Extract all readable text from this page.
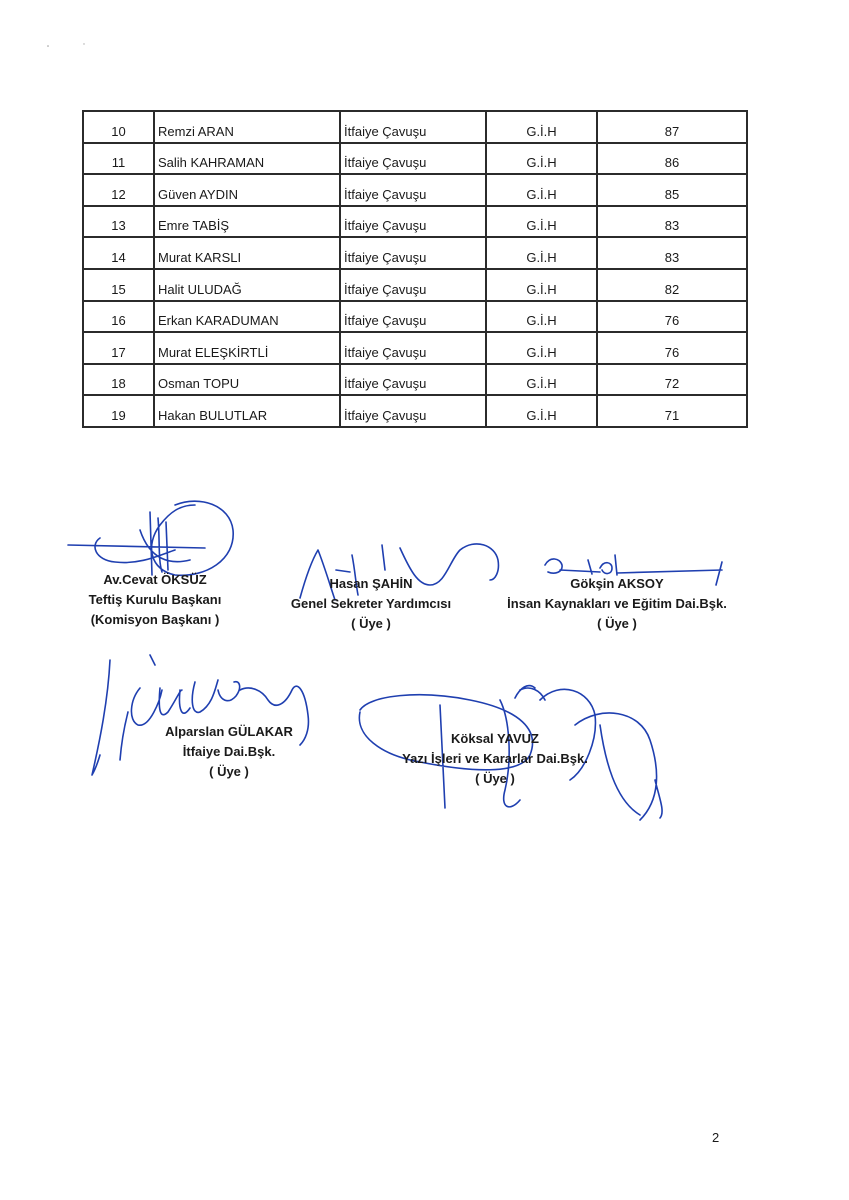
10	Remzi ARAN	İtfaiye Çavuşu	G.İ.H	87
11	Salih KAHRAMAN	İtfaiye Çavuşu	G.İ.H	86
12	Güven AYDIN	İtfaiye Çavuşu	G.İ.H	85
13	Emre TABİŞ	İtfaiye Çavuşu	G.İ.H	83
14	Murat KARSLI	İtfaiye Çavuşu	G.İ.H	83
15	Halit ULUDAĞ	İtfaiye Çavuşu	G.İ.H	82
16	Erkan KARADUMAN	İtfaiye Çavuşu	G.İ.H	76
17	Murat ELEŞKİRTLİ	İtfaiye Çavuşu	G.İ.H	76
18	Osman TOPU	İtfaiye Çavuşu	G.İ.H	72
19	Hakan BULUTLAR	İtfaiye Çavuşu	G.İ.H	71
Av.Cevat ÖKSÜZ
Teftiş Kurulu Başkanı
(Komisyon Başkanı )
Hasan ŞAHİN
Genel Sekreter Yardımcısı
( Üye )
Gökşin AKSOY
İnsan Kaynakları ve Eğitim Dai.Bşk.
( Üye )
Alparslan GÜLAKAR
İtfaiye Dai.Bşk.
( Üye )
Köksal YAVUZ
Yazı İşleri ve Kararlar Dai.Bşk.
( Üye )
2
